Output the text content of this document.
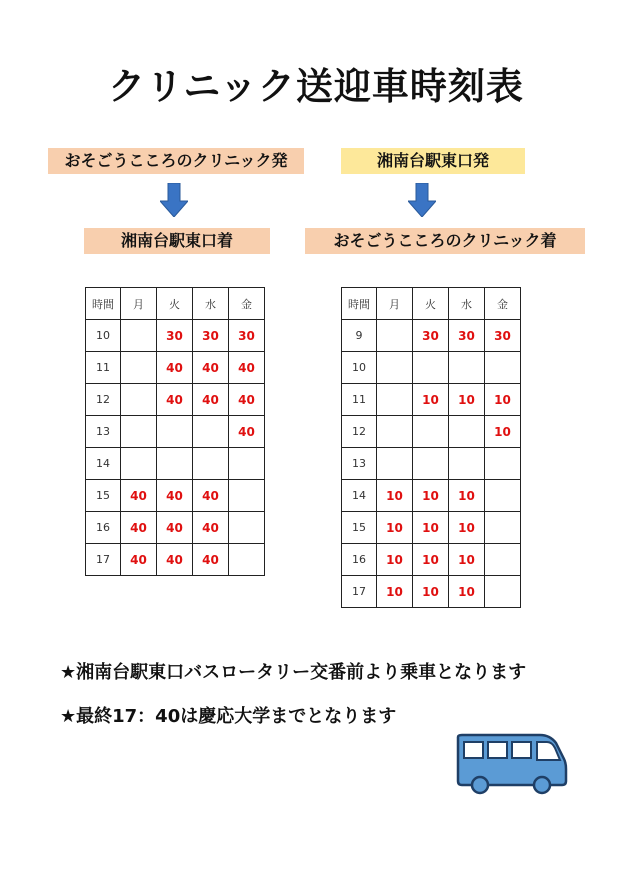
クリニック送迎車時刻表
おそごうこころのクリニック発
湘南台駅東口着
湘南台駅東口発
おそごうこころのクリニック着
時間	月	火	水	金
10		30	30	30
11		40	40	40
12		40	40	40
13				40
14				
15	40	40	40	
16	40	40	40	
17	40	40	40	
時間	月	火	水	金
9		30	30	30
10				
11		10	10	10
12				10
13				
14	10	10	10	
15	10	10	10	
16	10	10	10	
17	10	10	10	
★湘南台駅東口バスロータリー交番前より乗車となります
★最終17：40は慶応大学までとなります
